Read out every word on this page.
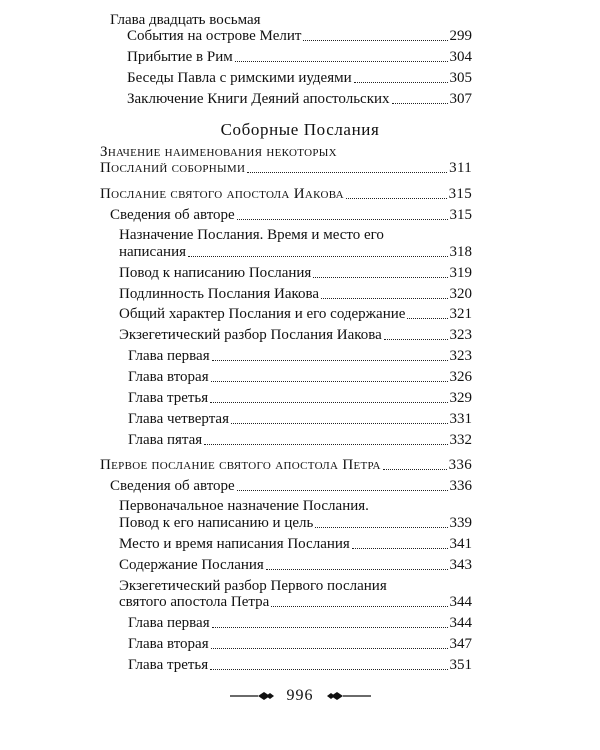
Глава двадцать восьмая
События на острове Мелит	299
Прибытие в Рим	304
Беседы Павла с римскими иудеями	305
Заключение Книги Деяний апостольских	307
Соборные Послания
Значение наименования некоторых
Посланий соборными	311
Послание святого апостола Иакова	315
Сведения об авторе	315
Назначение Послания. Время и место его
написания	318
Повод к написанию Послания	319
Подлинность Послания Иакова	320
Общий характер Послания и его содержание	321
Экзегетический разбор Послания Иакова	323
Глава первая	323
Глава вторая	326
Глава третья	329
Глава четвертая	331
Глава пятая	332
Первое послание святого апостола Петра	336
Сведения об авторе	336
Первоначальное назначение Послания.
Повод к его написанию и цель	339
Место и время написания Послания	341
Содержание Послания	343
Экзегетический разбор Первого послания
святого апостола Петра	344
Глава первая	344
Глава вторая	347
Глава третья	351
996
